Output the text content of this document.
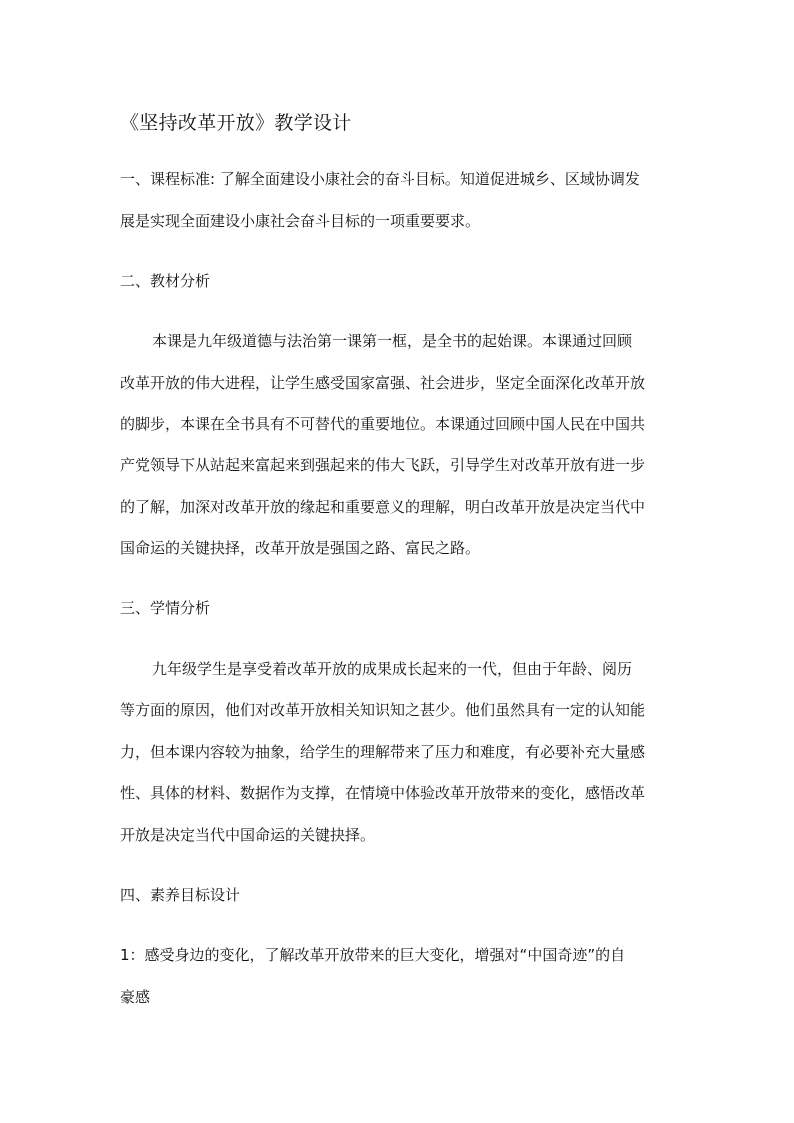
《坚持改革开放》教学设计
一、课程标准: 了解全面建设小康社会的奋斗目标。知道促进城乡、区域协调发
展是实现全面建设小康社会奋斗目标的一项重要要求。
二、教材分析
本课是九年级道德与法治第一课第一框，是全书的起始课。本课通过回顾
改革开放的伟大进程，让学生感受国家富强、社会进步，坚定全面深化改革开放
的脚步，本课在全书具有不可替代的重要地位。本课通过回顾中国人民在中国共
产党领导下从站起来富起来到强起来的伟大飞跃，引导学生对改革开放有进一步
的了解，加深对改革开放的缘起和重要意义的理解，明白改革开放是决定当代中
国命运的关键抉择，改革开放是强国之路、富民之路。
三、学情分析
九年级学生是享受着改革开放的成果成长起来的一代，但由于年龄、阅历
等方面的原因，他们对改革开放相关知识知之甚少。他们虽然具有一定的认知能
力，但本课内容较为抽象，给学生的理解带来了压力和难度，有必要补充大量感
性、具体的材料、数据作为支撑，在情境中体验改革开放带来的变化，感悟改革
开放是决定当代中国命运的关键抉择。
四、素养目标设计
1：感受身边的变化，了解改革开放带来的巨大变化，增强对“中国奇迹”的自
豪感
